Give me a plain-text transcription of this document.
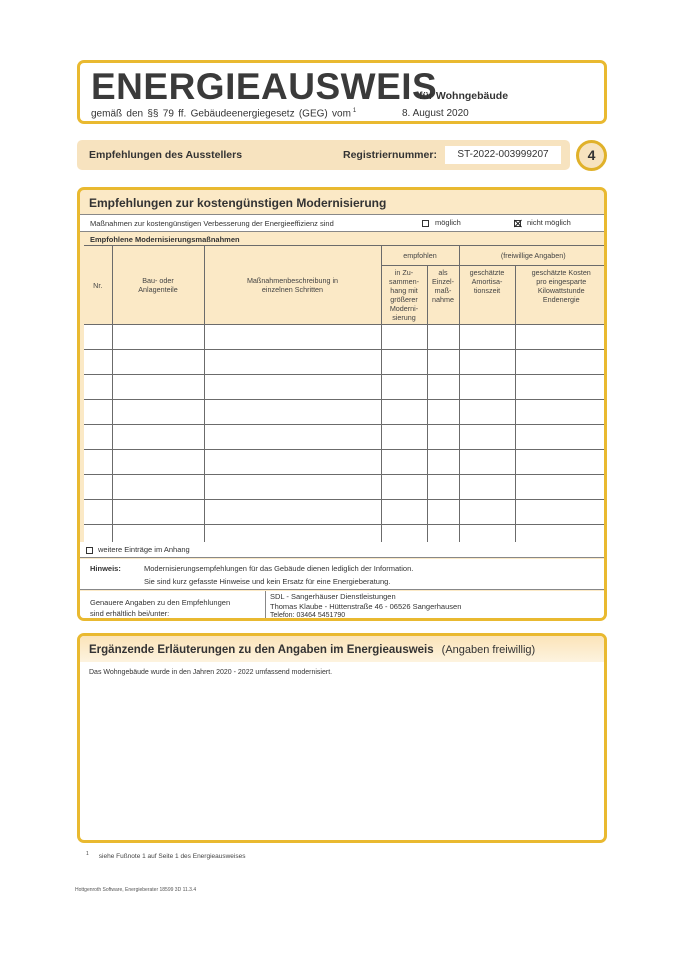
ENERGIEAUSWEIS
für Wohngebäude
gemäß den §§ 79 ff. Gebäudeenergiegesetz (GEG) vom $^1$	8. August 2020
Empfehlungen des Ausstellers	Registriernummer:	ST-2022-003999207	4
Empfehlungen zur kostengünstigen Modernisierung
Maßnahmen zur kostengünstigen Verbesserung der Energieeffizienz sind	möglich	nicht möglich
Empfohlene Modernisierungsmaßnahmen
Nr.	Bau- oder Anlagenteile	Maßnahmenbeschreibung in einzelnen Schritten	empfohlen		(freiwillige Angaben)	
			in Zu-sammen-hang mit größerer Moderni-sierung	als Einzel-maß-nahme	geschätzte Amortisa-tionszeit	geschätzte Kosten pro eingesparte Kilowattstunde Endenergie

weitere Einträge im Anhang
Hinweis:	Modernisierungsempfehlungen für das Gebäude dienen lediglich der Information.
Sie sind kurz gefasste Hinweise und kein Ersatz für eine Energieberatung.
Genauere Angaben zu den Empfehlungen
sind erhältlich bei/unter:
SDL - Sangerhäuser Dienstleistungen
Thomas Klaube - Hüttenstraße 46 - 06526 Sangerhausen
Telefon: 03464 5451790
Ergänzende Erläuterungen zu den Angaben im Energieausweis (Angaben freiwillig)
Das Wohngebäude wurde in den Jahren 2020 - 2022 umfassend modernisiert.
$^1$ siehe Fußnote 1 auf Seite 1 des Energieausweises
Hottgenroth Software, Energieberater 18599 3D 11.3.4
